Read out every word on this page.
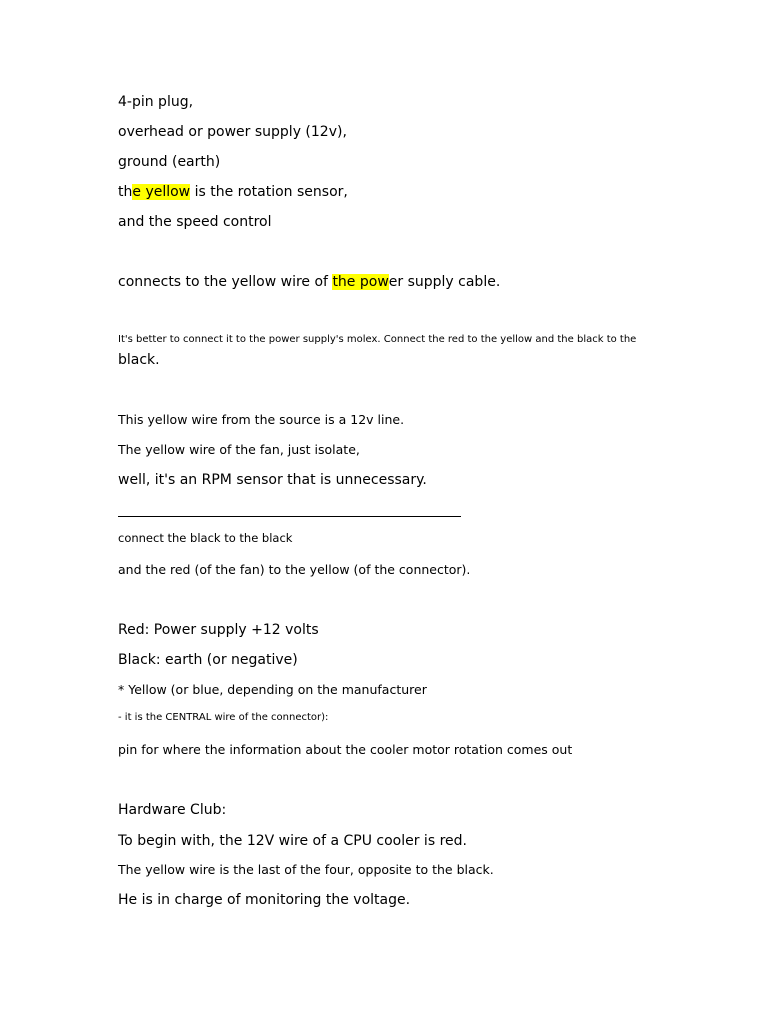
4-pin plug,
overhead or power supply (12v),
ground (earth)
the yellow is the rotation sensor,
and the speed control
connects to the yellow wire of the power supply cable.
It's better to connect it to the power supply's molex. Connect the red to the yellow and the black to the
black.
This yellow wire from the source is a 12v line.
The yellow wire of the fan, just isolate,
well, it's an RPM sensor that is unnecessary.
connect the black to the black
and the red (of the fan) to the yellow (of the connector).
Red: Power supply +12 volts
Black: earth (or negative)
* Yellow (or blue, depending on the manufacturer
- it is the CENTRAL wire of the connector):
pin for where the information about the cooler motor rotation comes out
Hardware Club:
To begin with, the 12V wire of a CPU cooler is red.
The yellow wire is the last of the four, opposite to the black.
He is in charge of monitoring the voltage.
